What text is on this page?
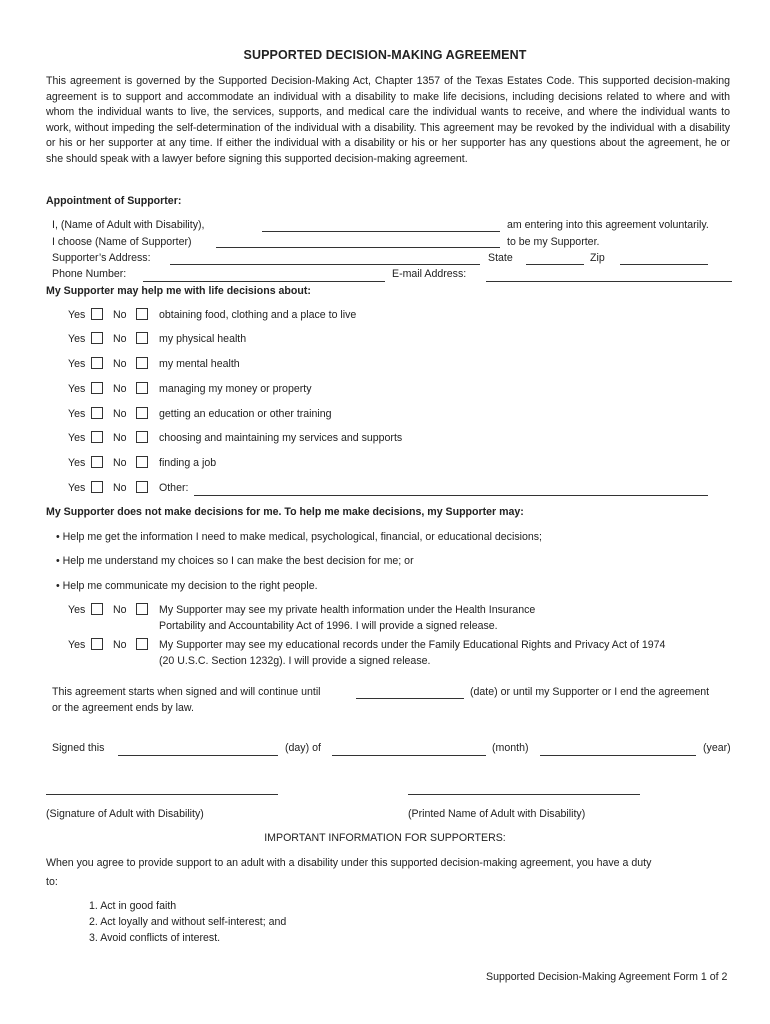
SUPPORTED DECISION-MAKING AGREEMENT
This agreement is governed by the Supported Decision-Making Act, Chapter 1357 of the Texas Estates Code. This supported decision-making agreement is to support and accommodate an individual with a disability to make life decisions, including decisions related to where and with whom the individual wants to live, the services, supports, and medical care the individual wants to receive, and where the individual wants to work, without impeding the self-determination of the individual with a disability. This agreement may be revoked by the individual with a disability or his or her supporter at any time. If either the individual with a disability or his or her supporter has any questions about the agreement, he or she should speak with a lawyer before signing this supported decision-making agreement.
Appointment of Supporter:
I, (Name of Adult with Disability),	am entering into this agreement voluntarily.
I choose (Name of Supporter)	to be my Supporter.
Supporter’s Address:	State	Zip
Phone Number:	E-mail Address:
My Supporter may help me with life decisions about:
Yes	No	obtaining food, clothing and a place to live
Yes	No	my physical health
Yes	No	my mental health
Yes	No	managing my money or property
Yes	No	getting an education or other training
Yes	No	choosing and maintaining my services and supports
Yes	No	finding a job
Yes	No	Other:
My Supporter does not make decisions for me. To help me make decisions, my Supporter may:
• Help me get the information I need to make medical, psychological, financial, or educational decisions;
• Help me understand my choices so I can make the best decision for me; or
• Help me communicate my decision to the right people.
Yes	No	My Supporter may see my private health information under the Health Insurance
Portability and Accountability Act of 1996. I will provide a signed release.
Yes	No	My Supporter may see my educational records under the Family Educational Rights and Privacy Act of 1974
(20 U.S.C. Section 1232g). I will provide a signed release.
This agreement starts when signed and will continue until	(date) or until my Supporter or I end the agreement
or the agreement ends by law.
Signed this	(day) of	(month)	(year)
(Signature of Adult with Disability)	(Printed Name of Adult with Disability)
IMPORTANT INFORMATION FOR SUPPORTERS:
When you agree to provide support to an adult with a disability under this supported decision-making agreement, you have a duty
to:
1. Act in good faith
2. Act loyally and without self-interest; and
3. Avoid conflicts of interest.
Supported Decision-Making Agreement Form 1 of 2
